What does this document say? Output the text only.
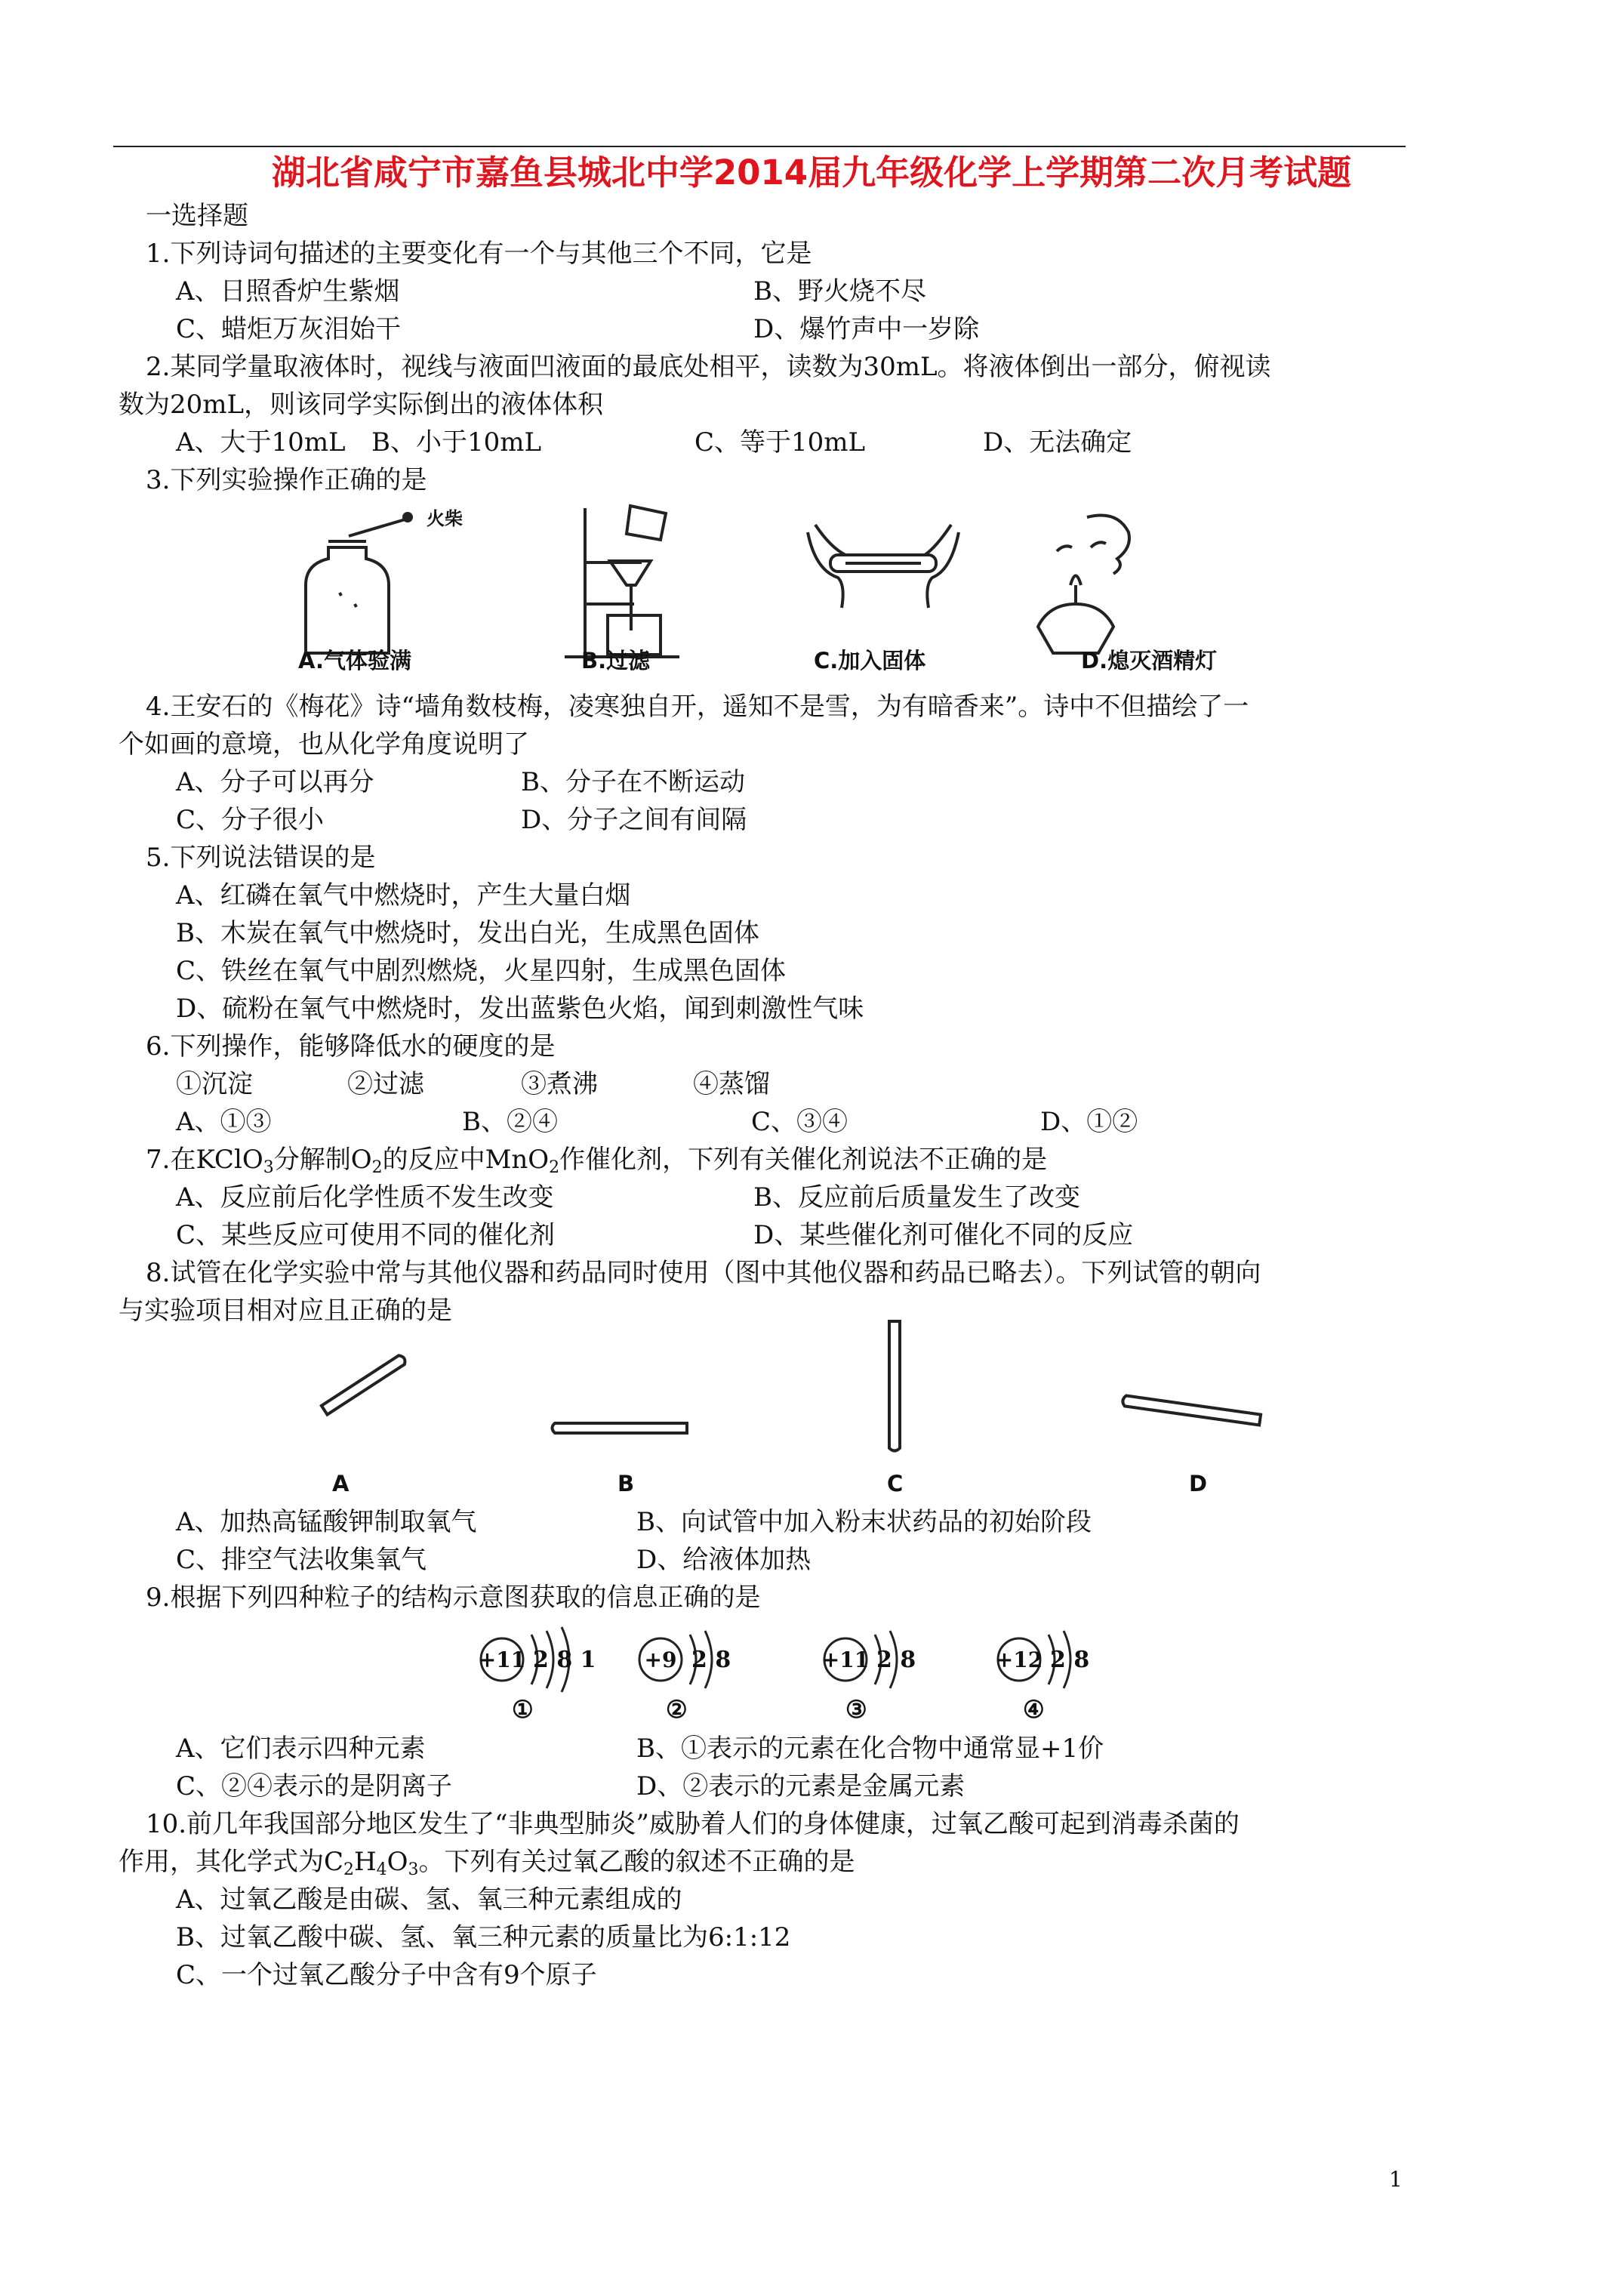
湖北省咸宁市嘉鱼县城北中学2014届九年级化学上学期第二次月考试题
一选择题
1.下列诗词句描述的主要变化有一个与其他三个不同，它是
A、日照香炉生紫烟	B、野火烧不尽
C、蜡炬万灰泪始干	D、爆竹声中一岁除
2.某同学量取液体时，视线与液面凹液面的最底处相平，读数为30mL。将液体倒出一部分，俯视读
数为20mL，则该同学实际倒出的液体体积
A、大于10mL B、小于10mL	C、等于10mL	D、无法确定
3.下列实验操作正确的是
火柴
A.气体验满	B.过滤	C.加入固体	D.熄灭酒精灯
4.王安石的《梅花》诗“墙角数枝梅，凌寒独自开，遥知不是雪，为有暗香来”。诗中不但描绘了一
个如画的意境，也从化学角度说明了
A、分子可以再分	B、分子在不断运动
C、分子很小	D、分子之间有间隔
5.下列说法错误的是
A、红磷在氧气中燃烧时，产生大量白烟
B、木炭在氧气中燃烧时，发出白光，生成黑色固体
C、铁丝在氧气中剧烈燃烧，火星四射，生成黑色固体
D、硫粉在氧气中燃烧时，发出蓝紫色火焰，闻到刺激性气味
6.下列操作，能够降低水的硬度的是
①沉淀	②过滤	③煮沸	④蒸馏
A、①③	B、②④	C、③④	D、①②
7.在KClO$_3$分解制$O_2$的反应中MnO$_2$作催化剂，下列有关催化剂说法不正确的是
A、反应前后化学性质不发生改变	B、反应前后质量发生了改变
C、某些反应可使用不同的催化剂	D、某些催化剂可催化不同的反应
8.试管在化学实验中常与其他仪器和药品同时使用（图中其他仪器和药品已略去）。下列试管的朝向
与实验项目相对应且正确的是
A	B	C	D
A、加热高锰酸钾制取氧气	B、向试管中加入粉末状药品的初始阶段
C、排空气法收集氧气	D、给液体加热
9.根据下列四种粒子的结构示意图获取的信息正确的是
+11 2 8 1
①
+9 2 8
②
+11 2 8
③
+12 2 8
④
A、它们表示四种元素	B、①表示的元素在化合物中通常显+1价
C、②④表示的是阴离子	D、②表示的元素是金属元素
10.前几年我国部分地区发生了“非典型肺炎”威胁着人们的身体健康，过氧乙酸可起到消毒杀菌的
作用，其化学式为$C_2H_4O_3$。下列有关过氧乙酸的叙述不正确的是
A、过氧乙酸是由碳、氢、氧三种元素组成的
B、过氧乙酸中碳、氢、氧三种元素的质量比为6:1:12
C、一个过氧乙酸分子中含有9个原子
1
